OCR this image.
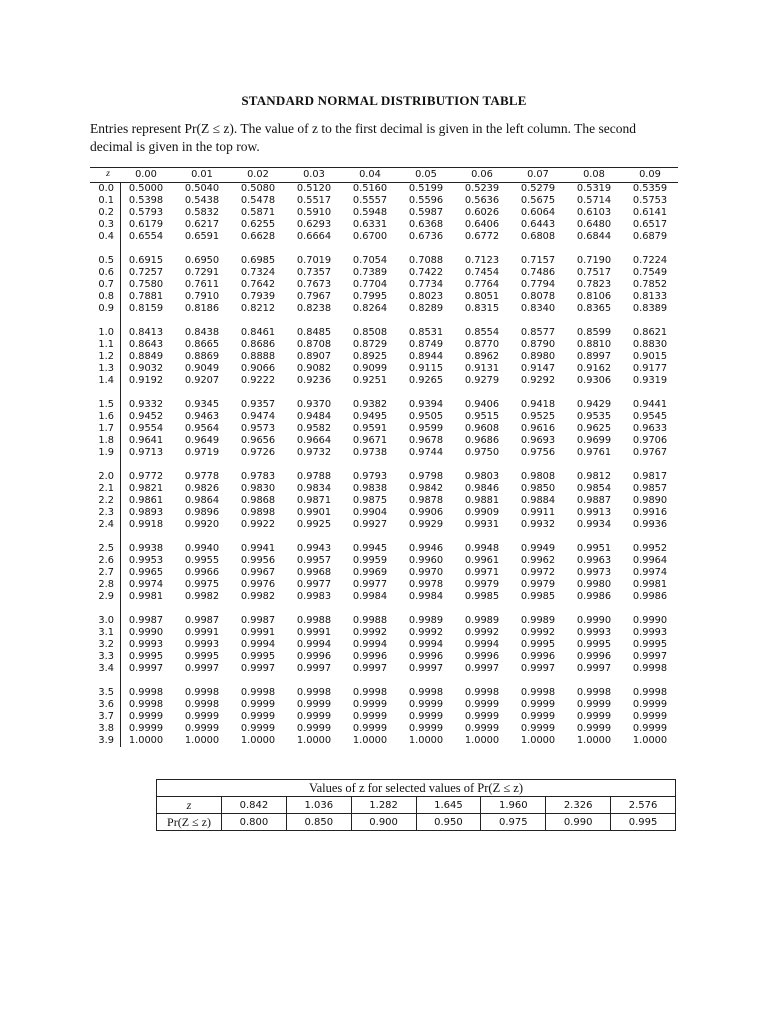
STANDARD NORMAL DISTRIBUTION TABLE
Entries represent Pr(Z ≤ z). The value of z to the first decimal is given in the left column. The second
decimal is given in the top row.
z	0.00	0.01	0.02	0.03	0.04	0.05	0.06	0.07	0.08	0.09
0.0	0.5000	0.5040	0.5080	0.5120	0.5160	0.5199	0.5239	0.5279	0.5319	0.5359
0.1	0.5398	0.5438	0.5478	0.5517	0.5557	0.5596	0.5636	0.5675	0.5714	0.5753
0.2	0.5793	0.5832	0.5871	0.5910	0.5948	0.5987	0.6026	0.6064	0.6103	0.6141
0.3	0.6179	0.6217	0.6255	0.6293	0.6331	0.6368	0.6406	0.6443	0.6480	0.6517
0.4	0.6554	0.6591	0.6628	0.6664	0.6700	0.6736	0.6772	0.6808	0.6844	0.6879
0.5	0.6915	0.6950	0.6985	0.7019	0.7054	0.7088	0.7123	0.7157	0.7190	0.7224
0.6	0.7257	0.7291	0.7324	0.7357	0.7389	0.7422	0.7454	0.7486	0.7517	0.7549
0.7	0.7580	0.7611	0.7642	0.7673	0.7704	0.7734	0.7764	0.7794	0.7823	0.7852
0.8	0.7881	0.7910	0.7939	0.7967	0.7995	0.8023	0.8051	0.8078	0.8106	0.8133
0.9	0.8159	0.8186	0.8212	0.8238	0.8264	0.8289	0.8315	0.8340	0.8365	0.8389
1.0	0.8413	0.8438	0.8461	0.8485	0.8508	0.8531	0.8554	0.8577	0.8599	0.8621
1.1	0.8643	0.8665	0.8686	0.8708	0.8729	0.8749	0.8770	0.8790	0.8810	0.8830
1.2	0.8849	0.8869	0.8888	0.8907	0.8925	0.8944	0.8962	0.8980	0.8997	0.9015
1.3	0.9032	0.9049	0.9066	0.9082	0.9099	0.9115	0.9131	0.9147	0.9162	0.9177
1.4	0.9192	0.9207	0.9222	0.9236	0.9251	0.9265	0.9279	0.9292	0.9306	0.9319
1.5	0.9332	0.9345	0.9357	0.9370	0.9382	0.9394	0.9406	0.9418	0.9429	0.9441
1.6	0.9452	0.9463	0.9474	0.9484	0.9495	0.9505	0.9515	0.9525	0.9535	0.9545
1.7	0.9554	0.9564	0.9573	0.9582	0.9591	0.9599	0.9608	0.9616	0.9625	0.9633
1.8	0.9641	0.9649	0.9656	0.9664	0.9671	0.9678	0.9686	0.9693	0.9699	0.9706
1.9	0.9713	0.9719	0.9726	0.9732	0.9738	0.9744	0.9750	0.9756	0.9761	0.9767
2.0	0.9772	0.9778	0.9783	0.9788	0.9793	0.9798	0.9803	0.9808	0.9812	0.9817
2.1	0.9821	0.9826	0.9830	0.9834	0.9838	0.9842	0.9846	0.9850	0.9854	0.9857
2.2	0.9861	0.9864	0.9868	0.9871	0.9875	0.9878	0.9881	0.9884	0.9887	0.9890
2.3	0.9893	0.9896	0.9898	0.9901	0.9904	0.9906	0.9909	0.9911	0.9913	0.9916
2.4	0.9918	0.9920	0.9922	0.9925	0.9927	0.9929	0.9931	0.9932	0.9934	0.9936
2.5	0.9938	0.9940	0.9941	0.9943	0.9945	0.9946	0.9948	0.9949	0.9951	0.9952
2.6	0.9953	0.9955	0.9956	0.9957	0.9959	0.9960	0.9961	0.9962	0.9963	0.9964
2.7	0.9965	0.9966	0.9967	0.9968	0.9969	0.9970	0.9971	0.9972	0.9973	0.9974
2.8	0.9974	0.9975	0.9976	0.9977	0.9977	0.9978	0.9979	0.9979	0.9980	0.9981
2.9	0.9981	0.9982	0.9982	0.9983	0.9984	0.9984	0.9985	0.9985	0.9986	0.9986
3.0	0.9987	0.9987	0.9987	0.9988	0.9988	0.9989	0.9989	0.9989	0.9990	0.9990
3.1	0.9990	0.9991	0.9991	0.9991	0.9992	0.9992	0.9992	0.9992	0.9993	0.9993
3.2	0.9993	0.9993	0.9994	0.9994	0.9994	0.9994	0.9994	0.9995	0.9995	0.9995
3.3	0.9995	0.9995	0.9995	0.9996	0.9996	0.9996	0.9996	0.9996	0.9996	0.9997
3.4	0.9997	0.9997	0.9997	0.9997	0.9997	0.9997	0.9997	0.9997	0.9997	0.9998
3.5	0.9998	0.9998	0.9998	0.9998	0.9998	0.9998	0.9998	0.9998	0.9998	0.9998
3.6	0.9998	0.9998	0.9999	0.9999	0.9999	0.9999	0.9999	0.9999	0.9999	0.9999
3.7	0.9999	0.9999	0.9999	0.9999	0.9999	0.9999	0.9999	0.9999	0.9999	0.9999
3.8	0.9999	0.9999	0.9999	0.9999	0.9999	0.9999	0.9999	0.9999	0.9999	0.9999
3.9	1.0000	1.0000	1.0000	1.0000	1.0000	1.0000	1.0000	1.0000	1.0000	1.0000
Values of z for selected values of Pr(Z ≤ z)							
z	0.842	1.036	1.282	1.645	1.960	2.326	2.576
Pr(Z ≤ z)	0.800	0.850	0.900	0.950	0.975	0.990	0.995
